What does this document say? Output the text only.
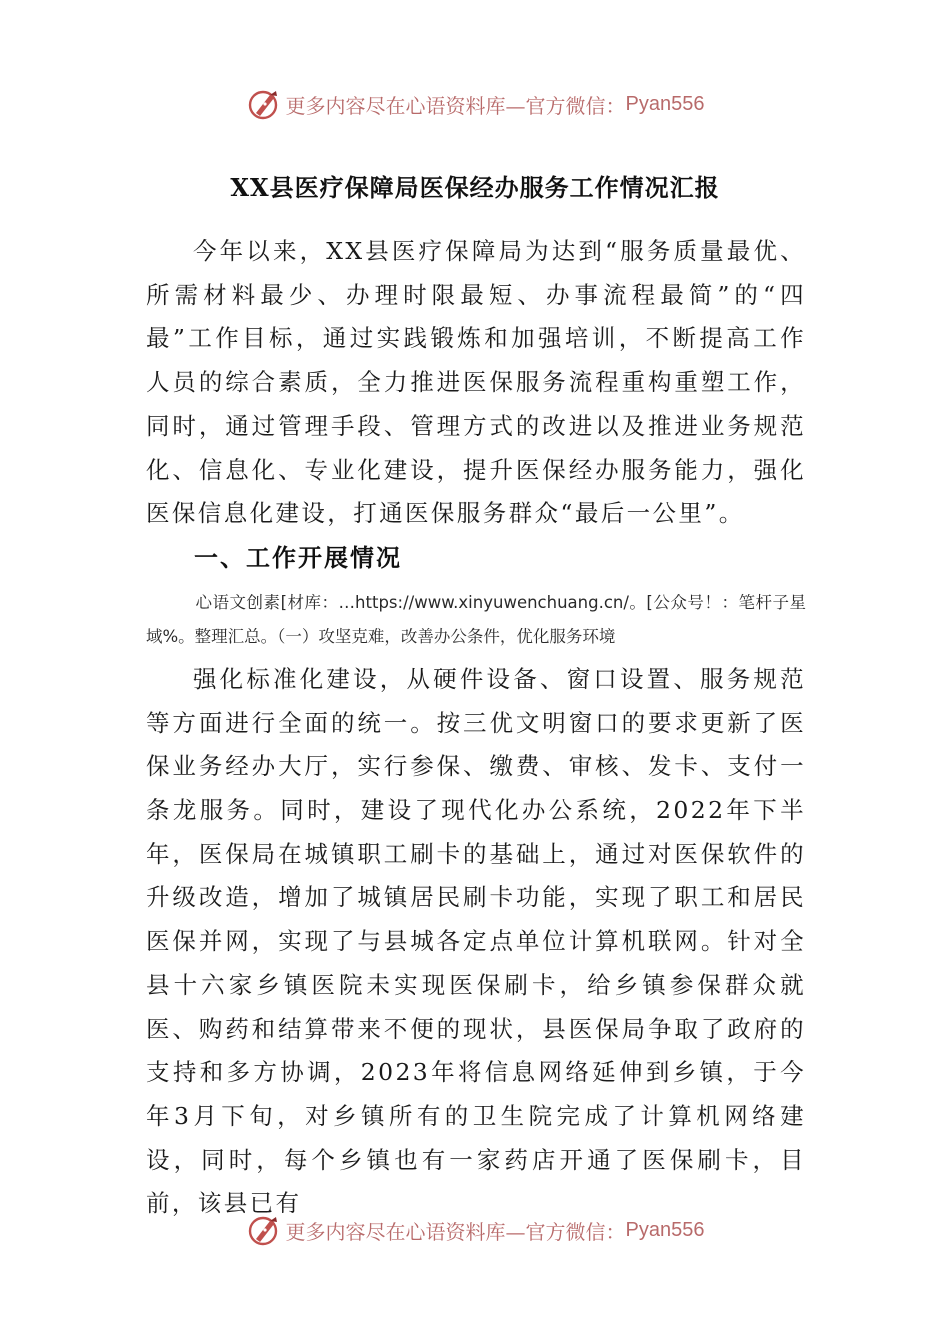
更多内容尽在心语资料库—官方微信： Pyan556
XX县医疗保障局医保经办服务工作情况汇报

今年以来，XX县医疗保障局为达到“服务质量最优、所需材料最少、办理时限最短、办事流程最简”的“四最”工作目标，通过实践锻炼和加强培训，不断提高工作人员的综合素质，全力推进医保服务流程重构重塑工作，同时，通过管理手段、管理方式的改进以及推进业务规范化、信息化、专业化建设，提升医保经办服务能力，强化医保信息化建设，打通医保服务群众“最后一公里”。

一、工作开展情况

心语文创素[材库：…https://www.xinyuwenchuang.cn/。[公众号！：笔杆子星域%。整理汇总。（一）攻坚克难，改善办公条件，优化服务环境

强化标准化建设，从硬件设备、窗口设置、服务规范等方面进行全面的统一。按三优文明窗口的要求更新了医保业务经办大厅，实行参保、缴费、审核、发卡、支付一条龙服务。同时，建设了现代化办公系统，2022年下半年，医保局在城镇职工刷卡的基础上，通过对医保软件的升级改造，增加了城镇居民刷卡功能，实现了职工和居民医保并网，实现了与县城各定点单位计算机联网。针对全县十六家乡镇医院未实现医保刷卡，给乡镇参保群众就医、购药和结算带来不便的现状，县医保局争取了政府的支持和多方协调，2023年将信息网络延伸到乡镇，于今年3月下旬，对乡镇所有的卫生院完成了计算机网络建设，同时，每个乡镇也有一家药店开通了医保刷卡，目前，该县已有

更多内容尽在心语资料库—官方微信： Pyan556
